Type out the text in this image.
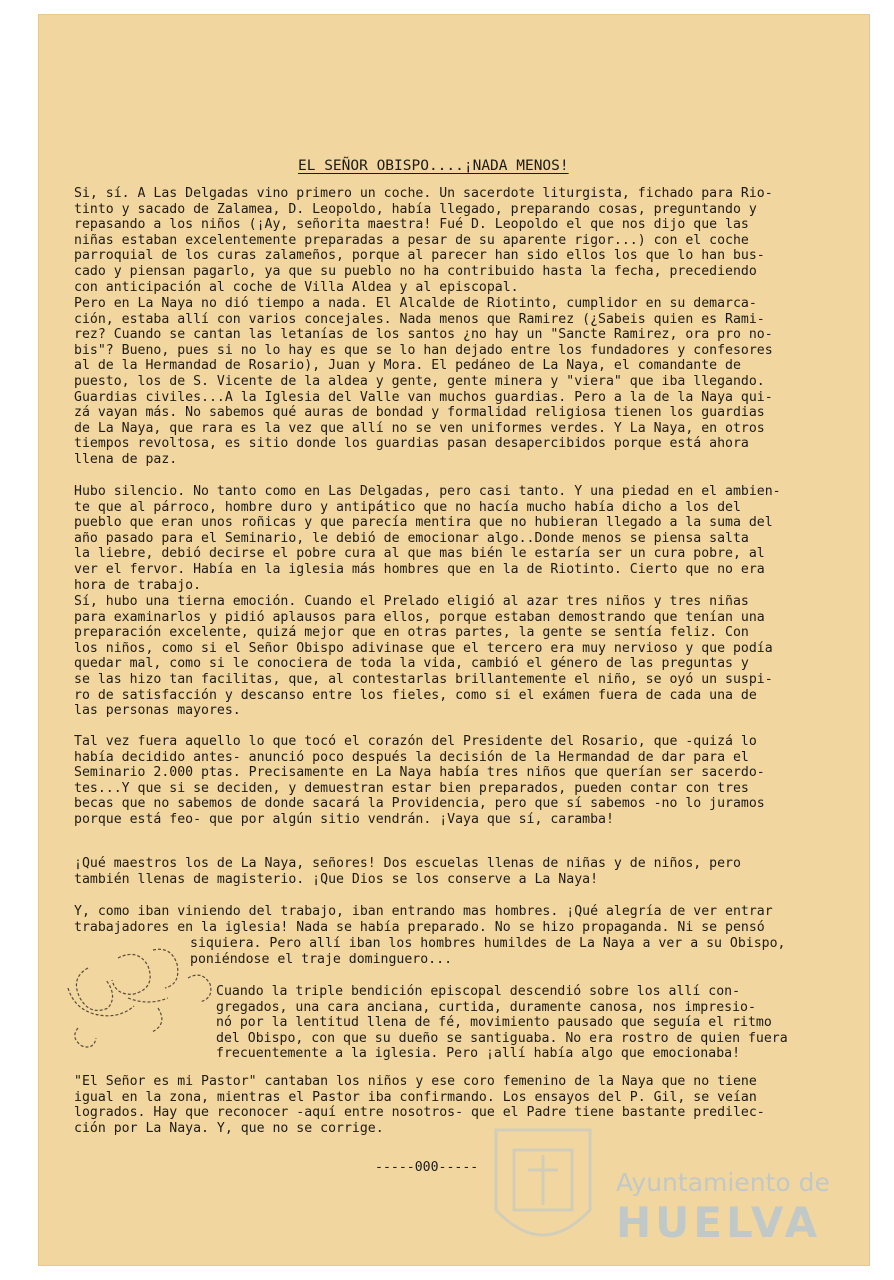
EL SEÑOR OBISPO....¡NADA MENOS!
Si, sí. A Las Delgadas vino primero un coche. Un sacerdote liturgista, fichado para Rio-
tinto y sacado de Zalamea, D. Leopoldo, había llegado, preparando cosas, preguntando y
repasando a los niños (¡Ay, señorita maestra! Fué D. Leopoldo el que nos dijo que las
niñas estaban excelentemente preparadas a pesar de su aparente rigor...) con el coche
parroquial de los curas zalameños, porque al parecer han sido ellos los que lo han bus-
cado y piensan pagarlo, ya que su pueblo no ha contribuido hasta la fecha, precediendo
con anticipación al coche de Villa Aldea y al episcopal.
Pero en La Naya no dió tiempo a nada. El Alcalde de Riotinto, cumplidor en su demarca-
ción, estaba allí con varios concejales. Nada menos que Ramirez (¿Sabeis quien es Rami-
rez? Cuando se cantan las letanías de los santos ¿no hay un "Sancte Ramirez, ora pro no-
bis"? Bueno, pues si no lo hay es que se lo han dejado entre los fundadores y confesores
al de la Hermandad de Rosario), Juan y Mora. El pedáneo de La Naya, el comandante de
puesto, los de S. Vicente de la aldea y gente, gente minera y "viera" que iba llegando.
Guardias civiles...A la Iglesia del Valle van muchos guardias. Pero a la de la Naya qui-
zá vayan más. No sabemos qué auras de bondad y formalidad religiosa tienen los guardias
de La Naya, que rara es la vez que allí no se ven uniformes verdes. Y La Naya, en otros
tiempos revoltosa, es sitio donde los guardias pasan desapercibidos porque está ahora
llena de paz.
Hubo silencio. No tanto como en Las Delgadas, pero casi tanto. Y una piedad en el ambien-
te que al párroco, hombre duro y antipático que no hacía mucho había dicho a los del
pueblo que eran unos roñicas y que parecía mentira que no hubieran llegado a la suma del
año pasado para el Seminario, le debió de emocionar algo..Donde menos se piensa salta
la liebre, debió decirse el pobre cura al que mas bién le estaría ser un cura pobre, al
ver el fervor. Había en la iglesia más hombres que en la de Riotinto. Cierto que no era
hora de trabajo.
Sí, hubo una tierna emoción. Cuando el Prelado eligió al azar tres niños y tres niñas
para examinarlos y pidió aplausos para ellos, porque estaban demostrando que tenían una
preparación excelente, quizá mejor que en otras partes, la gente se sentía feliz. Con
los niños, como si el Señor Obispo adivinase que el tercero era muy nervioso y que podía
quedar mal, como si le conociera de toda la vida, cambió el género de las preguntas y
se las hizo tan facilitas, que, al contestarlas brillantemente el niño, se oyó un suspi-
ro de satisfacción y descanso entre los fieles, como si el exámen fuera de cada una de
las personas mayores.
Tal vez fuera aquello lo que tocó el corazón del Presidente del Rosario, que -quizá lo
había decidido antes- anunció poco después la decisión de la Hermandad de dar para el
Seminario 2.000 ptas. Precisamente en La Naya había tres niños que querían ser sacerdo-
tes...Y que si se deciden, y demuestran estar bien preparados, pueden contar con tres
becas que no sabemos de donde sacará la Providencia, pero que sí sabemos -no lo juramos
porque está feo- que por algún sitio vendrán. ¡Vaya que sí, caramba!
¡Qué maestros los de La Naya, señores! Dos escuelas llenas de niñas y de niños, pero
también llenas de magisterio. ¡Que Dios se los conserve a La Naya!
Y, como iban viniendo del trabajo, iban entrando mas hombres. ¡Qué alegría de ver entrar
trabajadores en la iglesia! Nada se había preparado. No se hizo propaganda. Ni se pensó
siquiera. Pero allí iban los hombres humildes de La Naya a ver a su Obispo,
poniéndose el traje dominguero...
Cuando la triple bendición episcopal descendió sobre los allí con-
gregados, una cara anciana, curtida, duramente canosa, nos impresio-
nó por la lentitud llena de fé, movimiento pausado que seguía el ritmo
del Obispo, con que su dueño se santiguaba. No era rostro de quien fuera
frecuentemente a la iglesia. Pero ¡allí había algo que emocionaba!
"El Señor es mi Pastor" cantaban los niños y ese coro femenino de la Naya que no tiene
igual en la zona, mientras el Pastor iba confirmando. Los ensayos del P. Gil, se veían
logrados. Hay que reconocer -aquí entre nosotros- que el Padre tiene bastante predilec-
ción por La Naya. Y, que no se corrige.
-----000-----
Ayuntamiento de
HUELVA
